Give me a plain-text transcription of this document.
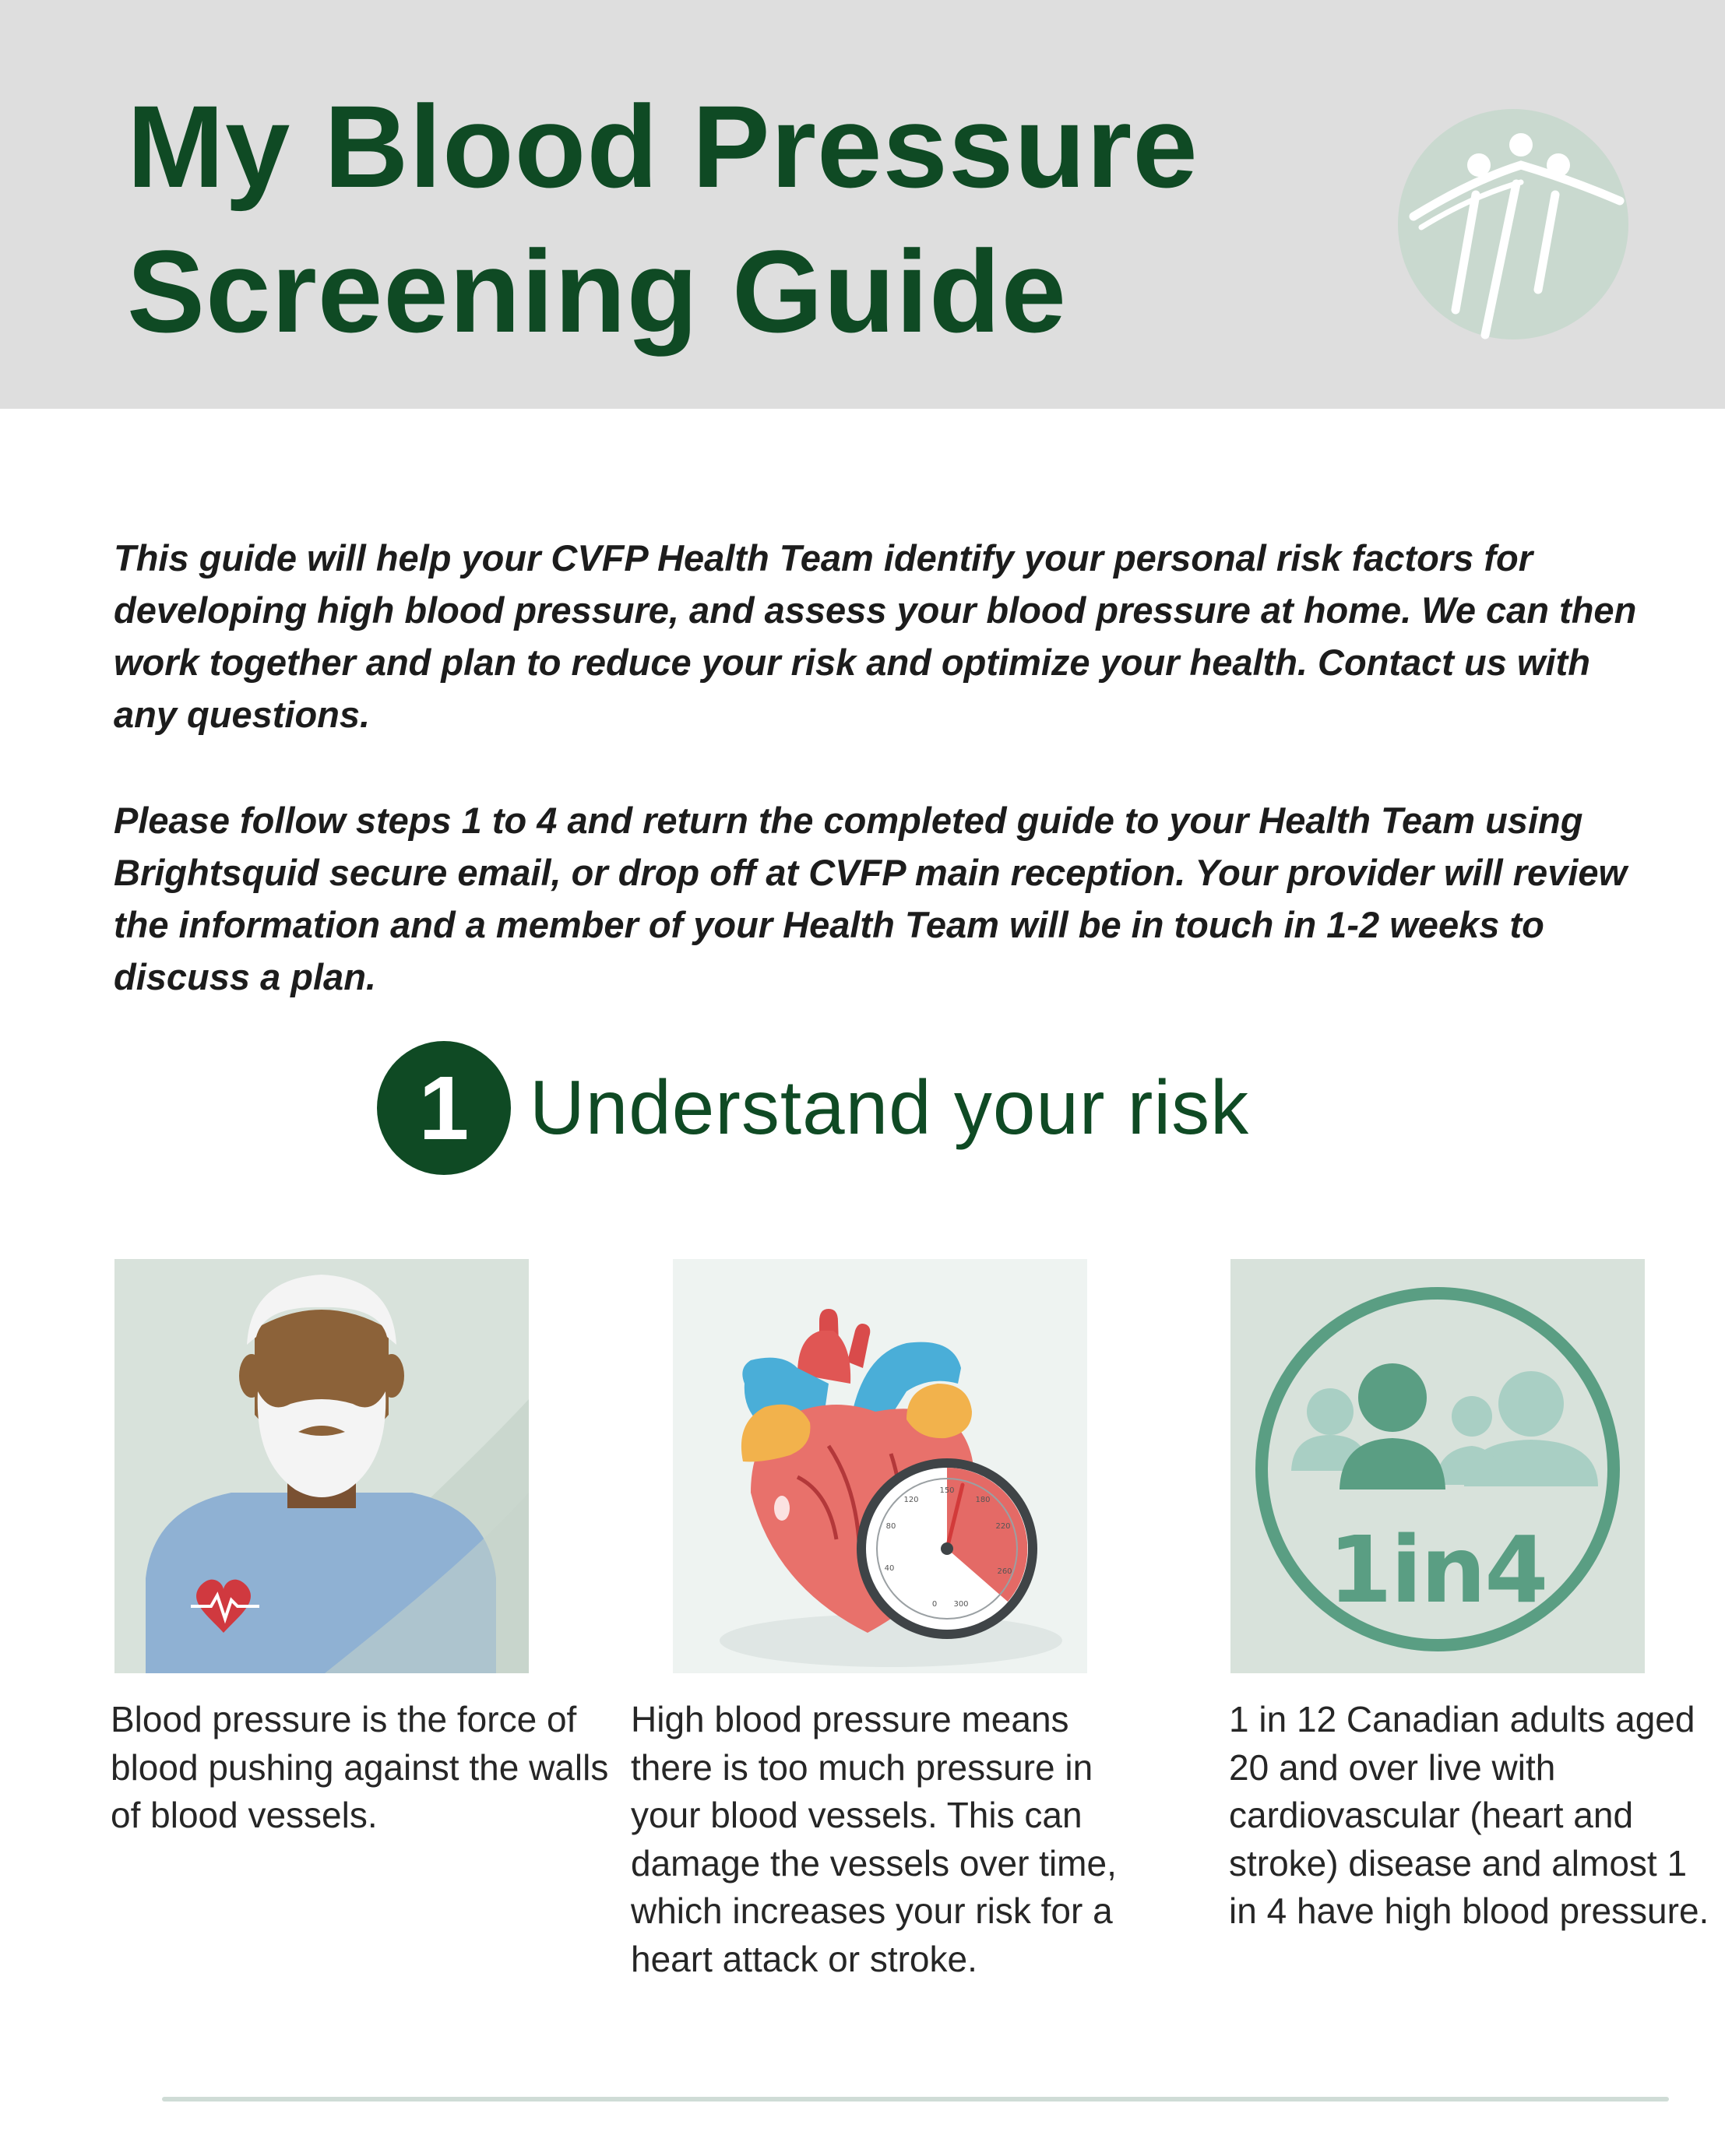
My Blood Pressure
Screening Guide

This guide will help your CVFP Health Team identify your personal risk factors for developing high blood pressure, and assess your blood pressure at home. We can then work together and plan to reduce your risk and optimize your health. Contact us with any questions.

Please follow steps 1 to 4 and return the completed guide to your Health Team using Brightsquid secure email, or drop off at CVFP main reception. Your provider will review the information and a member of your Health Team will be in touch in 1-2 weeks to discuss a plan.

1 Understand your risk

Blood pressure is the force of blood pushing against the walls of blood vessels.

150
180
120
220
80
40	260
0 300

High blood pressure means there is too much pressure in your blood vessels. This can damage the vessels over time, which increases your risk for a heart attack or stroke.

1in4

1 in 12 Canadian adults aged 20 and over live with cardiovascular (heart and stroke) disease and almost 1 in 4 have high blood pressure.
